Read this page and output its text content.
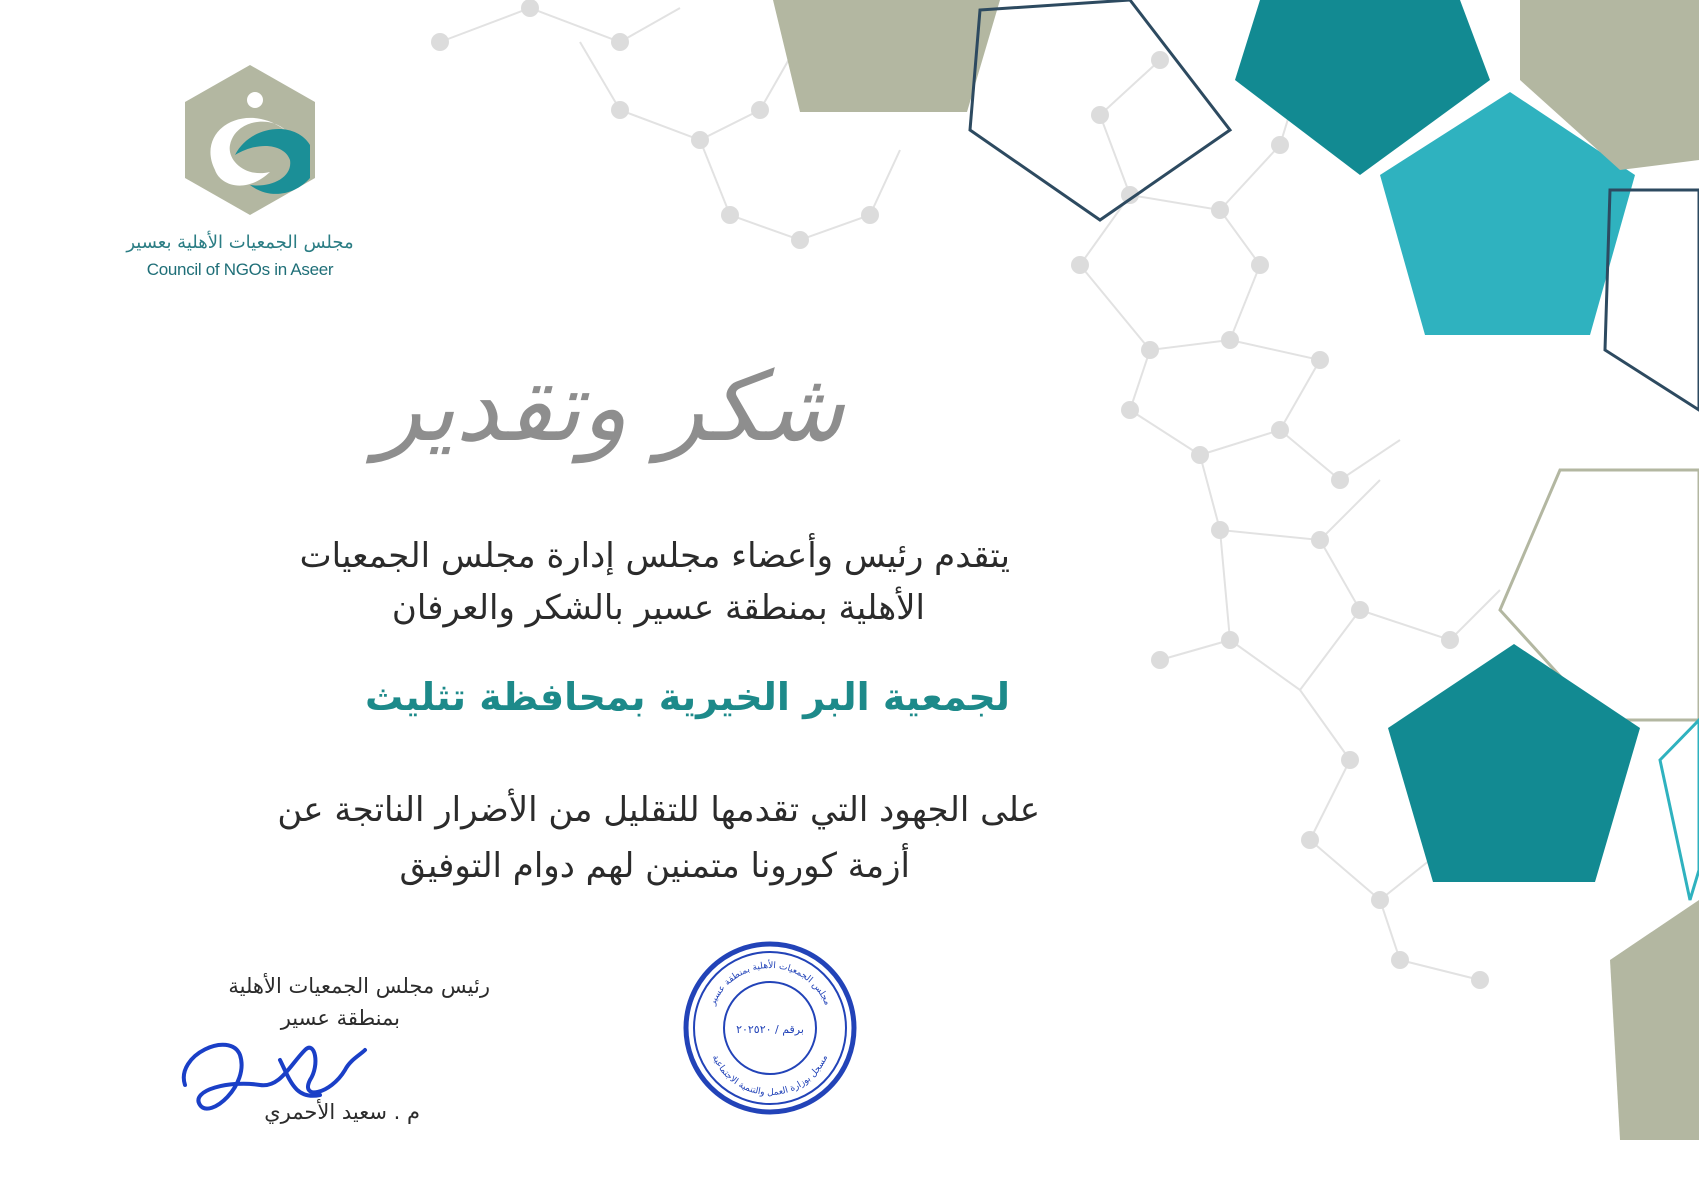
مجلس الجمعيات الأهلية بعسير
Council of NGOs in Aseer
شكر وتقدير
يتقدم رئيس وأعضاء مجلس إدارة مجلس الجمعيات
الأهلية بمنطقة عسير بالشكر والعرفان
لجمعية البر الخيرية بمحافظة تثليث
على الجهود التي تقدمها للتقليل من الأضرار الناتجة عن
أزمة كورونا متمنين لهم دوام التوفيق
رئيس مجلس الجمعيات الأهلية
بمنطقة عسير
م . سعيد الأحمري
مجلس الجمعيات الأهلية بمنطقة عسير
مسجل بوزارة العمل والتنمية الاجتماعية
برقم / ٢٠٢٥٢٠
